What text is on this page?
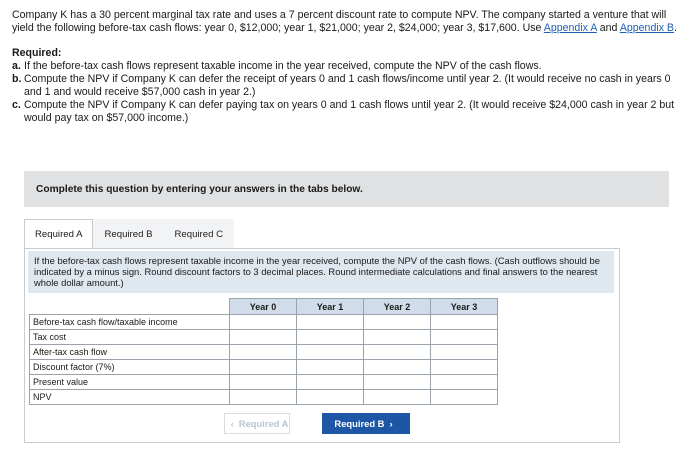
Company K has a 30 percent marginal tax rate and uses a 7 percent discount rate to compute NPV. The company started a venture that will yield the following before-tax cash flows: year 0, $12,000; year 1, $21,000; year 2, $24,000; year 3, $17,600. Use Appendix A and Appendix B.

Required:

a. If the before-tax cash flows represent taxable income in the year received, compute the NPV of the cash flows.
b. Compute the NPV if Company K can defer the receipt of years 0 and 1 cash flows/income until year 2. (It would receive no cash in years 0 and 1 and would receive $57,000 cash in year 2.)
c. Compute the NPV if Company K can defer paying tax on years 0 and 1 cash flows until year 2. (It would receive $24,000 cash in year 2 but would pay tax on $57,000 income.)
Complete this question by entering your answers in the tabs below.
Required A	Required B	Required C
If the before-tax cash flows represent taxable income in the year received, compute the NPV of the cash flows. (Cash outflows should be indicated by a minus sign. Round discount factors to 3 decimal places. Round intermediate calculations and final answers to the nearest whole dollar amount.)
	Year 0	Year 1	Year 2	Year 3
Before-tax cash flow/taxable income				
Tax cost				
After-tax cash flow				
Discount factor (7%)				
Present value				
NPV				
‹ Required A	Required B ›
